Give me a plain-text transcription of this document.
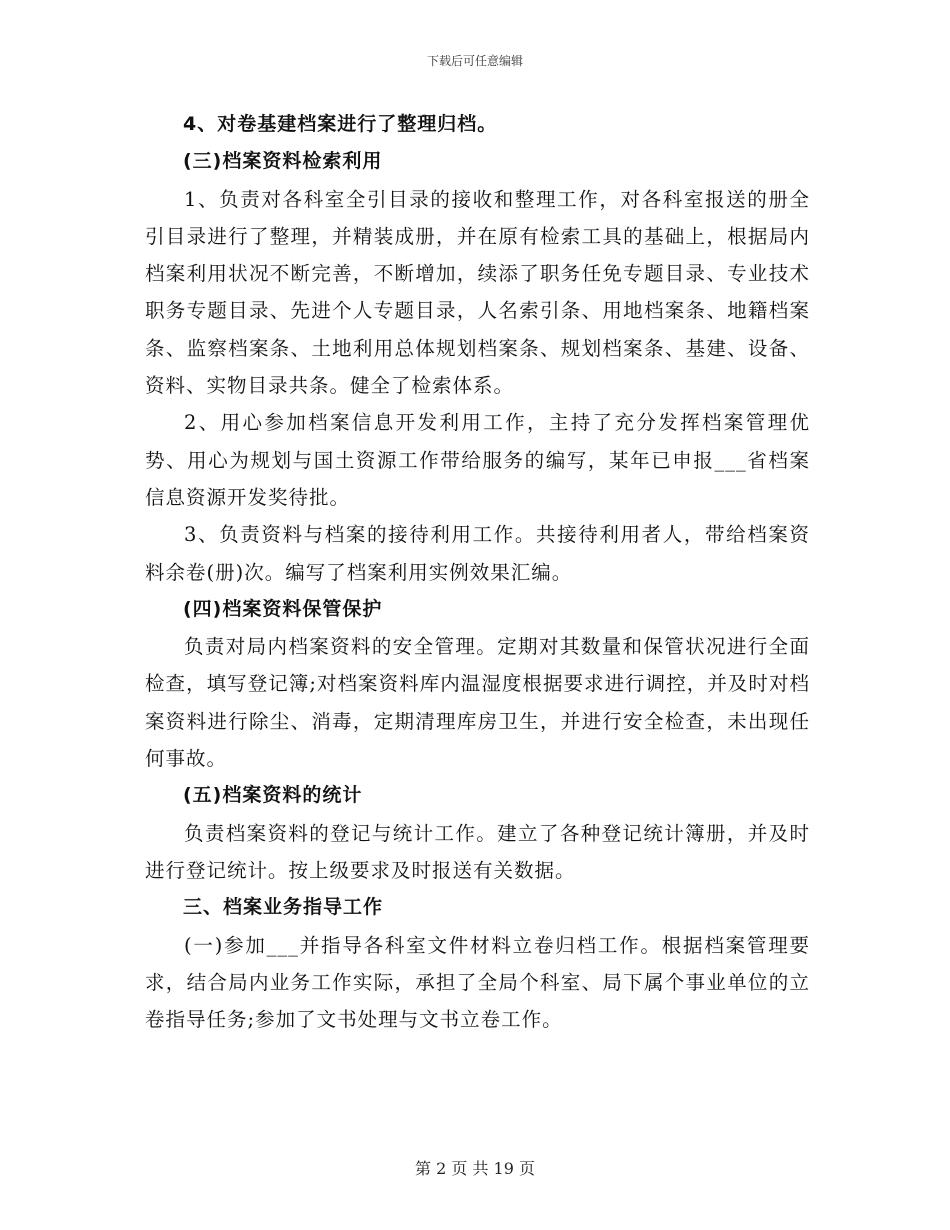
下载后可任意编辑

4、对卷基建档案进行了整理归档。

(三)档案资料检索利用

1、负责对各科室全引目录的接收和整理工作，对各科室报送的册全引目录进行了整理，并精装成册，并在原有检索工具的基础上，根据局内档案利用状况不断完善，不断增加，续添了职务任免专题目录、专业技术职务专题目录、先进个人专题目录，人名索引条、用地档案条、地籍档案条、监察档案条、土地利用总体规划档案条、规划档案条、基建、设备、资料、实物目录共条。健全了检索体系。

2、用心参加档案信息开发利用工作，主持了充分发挥档案管理优势、用心为规划与国土资源工作带给服务的编写，某年已申报___省档案信息资源开发奖待批。

3、负责资料与档案的接待利用工作。共接待利用者人，带给档案资料余卷(册)次。编写了档案利用实例效果汇编。

(四)档案资料保管保护

负责对局内档案资料的安全管理。定期对其数量和保管状况进行全面检查，填写登记簿;对档案资料库内温湿度根据要求进行调控，并及时对档案资料进行除尘、消毒，定期清理库房卫生，并进行安全检查，未出现任何事故。

(五)档案资料的统计

负责档案资料的登记与统计工作。建立了各种登记统计簿册，并及时进行登记统计。按上级要求及时报送有关数据。

三、档案业务指导工作

(一)参加___并指导各科室文件材料立卷归档工作。根据档案管理要求，结合局内业务工作实际，承担了全局个科室、局下属个事业单位的立卷指导任务;参加了文书处理与文书立卷工作。

第 2 页 共 19 页
